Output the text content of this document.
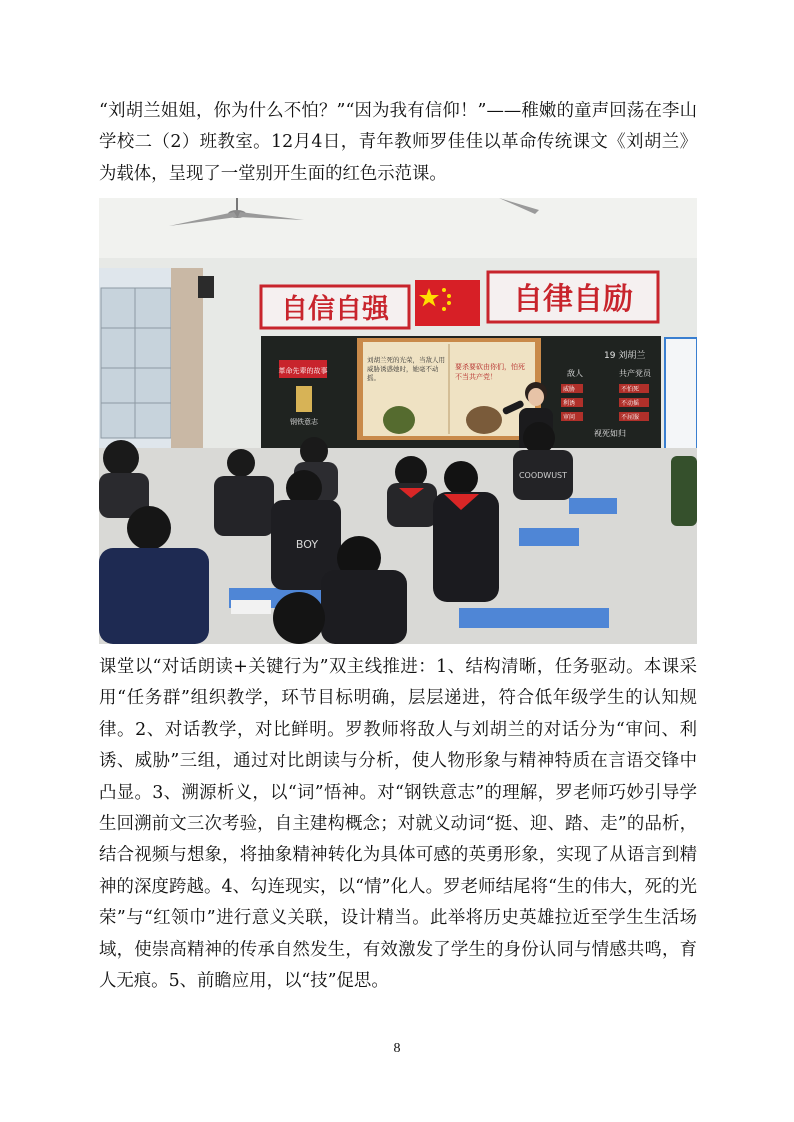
“刘胡兰姐姐，你为什么不怕？”“因为我有信仰！”——稚嫩的童声回荡在李山学校二（2）班教室。12月4日，青年教师罗佳佳以革命传统课文《刘胡兰》为载体，呈现了一堂别开生面的红色示范课。

自信自强	自律自励
革命先辈的故事
钢铁意志
刘胡兰死的光荣，当敌人用威胁诱惑她时，她毫不动摇。
要杀要砍由你们，怕死不当共产党！
19 刘胡兰
敌人	共产党员
威胁	不怕死
利诱	不动摇
审问	不屈服
视死如归
BOY
COODWUST

课堂以“对话朗读+关键行为”双主线推进：1、结构清晰，任务驱动。本课采用“任务群”组织教学，环节目标明确，层层递进，符合低年级学生的认知规律。2、对话教学，对比鲜明。罗教师将敌人与刘胡兰的对话分为“审问、利诱、威胁”三组，通过对比朗读与分析，使人物形象与精神特质在言语交锋中凸显。3、溯源析义，以“词”悟神。对“钢铁意志”的理解，罗老师巧妙引导学生回溯前文三次考验，自主建构概念；对就义动词“挺、迎、踏、走”的品析，结合视频与想象，将抽象精神转化为具体可感的英勇形象，实现了从语言到精神的深度跨越。4、勾连现实，以“情”化人。罗老师结尾将“生的伟大，死的光荣”与“红领巾”进行意义关联，设计精当。此举将历史英雄拉近至学生生活场域，使崇高精神的传承自然发生，有效激发了学生的身份认同与情感共鸣，育人无痕。5、前瞻应用，以“技”促思。

8
